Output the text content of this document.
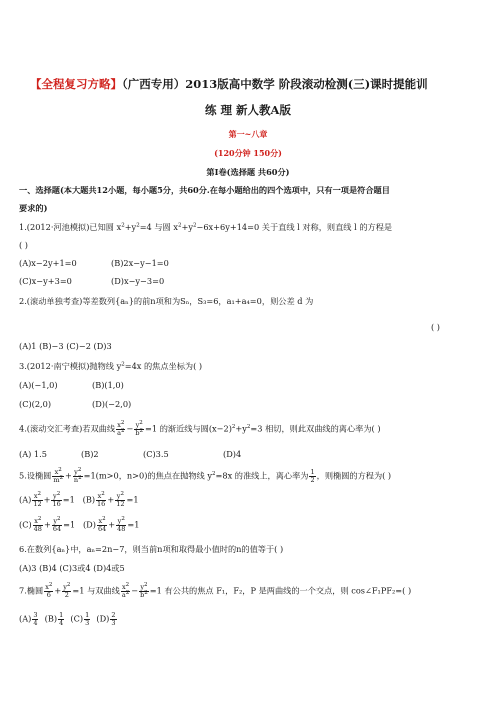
【全程复习方略】（广西专用）2013版高中数学 阶段滚动检测(三)课时提能训
练 理 新人教A版
第一~八章
(120分钟 150分)
第Ⅰ卷(选择题 共60分)
一、选择题(本大题共12小题，每小题5分，共60分.在每小题给出的四个选项中，只有一项是符合题目
要求的)
1.(2012·河池模拟)已知圆 $x^2+y^2=4$ 与圆 $x^2+y^2-6x+6y+14=0$ 关于直线 l 对称，则直线 l 的方程是
( )
(A)x−2y+1=0	(B)2x−y−1=0
(C)x−y+3=0	(D)x−y−3=0
2.(滚动单独考查)等差数列{aₙ}的前n项和为Sₙ，S₃=6，a₁+a₄=0，则公差 d 为
( )
(A)1 (B)−3 (C)−2 (D)3
3.(2012·南宁模拟)抛物线 $y^2=4x$ 的焦点坐标为( )
(A)(−1,0)	(B)(1,0)
(C)(2,0)	(D)(−2,0)
4.(滚动交汇考查)若双曲线 $\frac{x^2}{a^2} - \frac{y^2}{b^2} =1$ 的渐近线与圆$(x-2)^2+y^2=3$ 相切，则此双曲线的离心率为( )
(A) 1.5	(B)2	(C)3.5	(D)4
5.设椭圆 $\frac{x^2}{m^2} + \frac{y^2}{n^2} =1(m>0$，n>0)的焦点在抛物线 $y^2=8x$ 的准线上，离心率为 $\frac{1}{2}$ ，则椭圆的方程为( )
$(A) \frac{x^2}{12} + \frac{y^2}{16} =1$   $(B) \frac{x^2}{16} + \frac{y^2}{12} =1$
$(C) \frac{x^2}{48} + \frac{y^2}{64} =1$   $(D) \frac{x^2}{64} + \frac{y^2}{48} =1$
6.在数列{aₙ}中，aₙ=2n−7，则当前n项和取得最小值时的n的值等于( )
(A)3 (B)4 (C)3或4 (D)4或5
7.椭圆 $\frac{x^2}{6} + \frac{y^2}{2} =1$ 与双曲线 $\frac{x^2}{a^2} - \frac{y^2}{b^2} =1$ 有公共的焦点 F₁，F₂，P 是两曲线的一个交点，则 cos∠F₁PF₂=( )
$(A) \frac{3}{4} (B) \frac{1}{4} (C) \frac{1}{3} (D) \frac{2}{3}$
